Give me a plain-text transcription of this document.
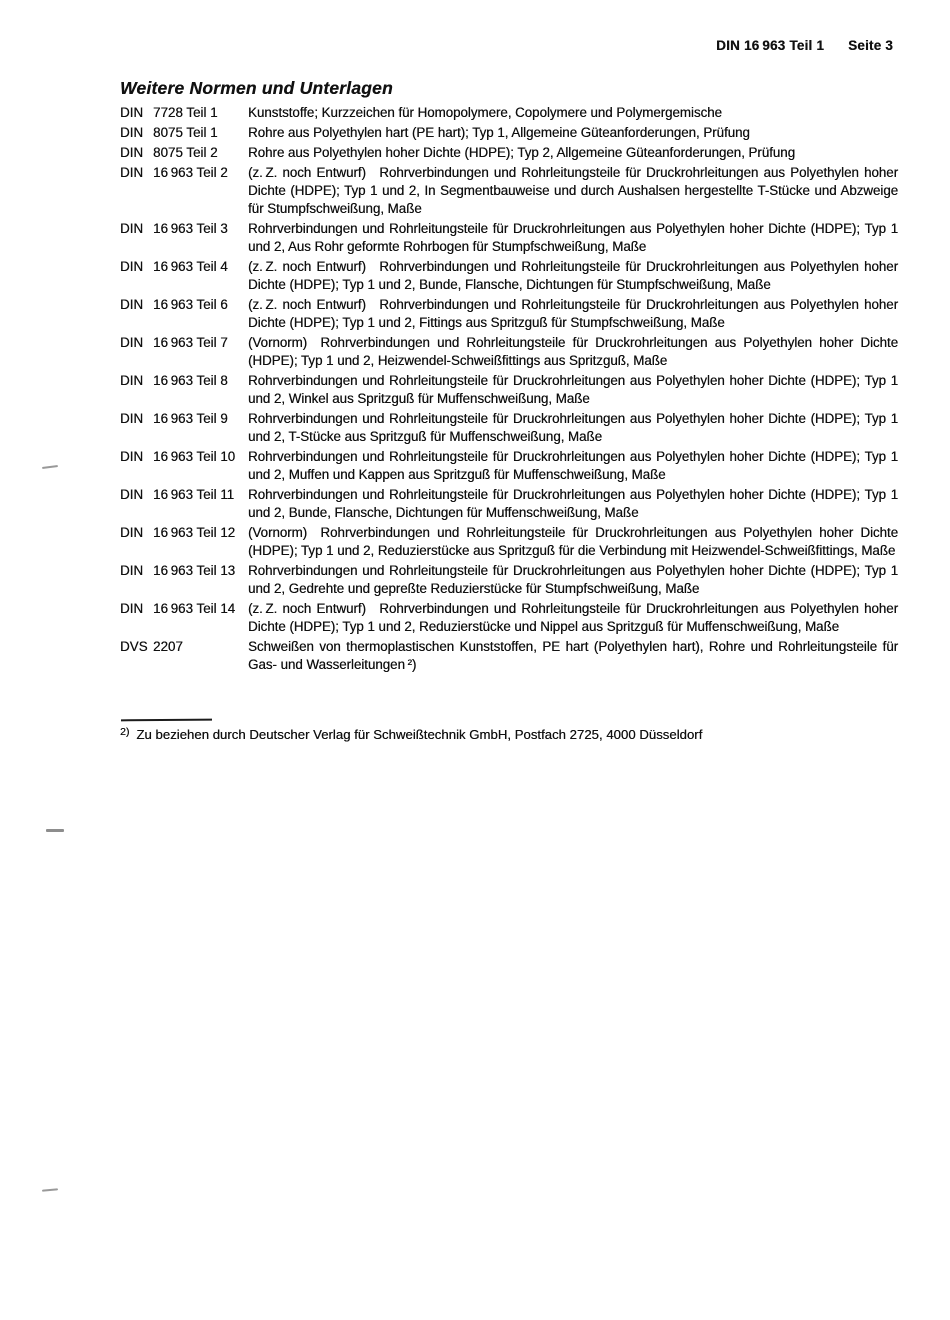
DIN 16 963 Teil 1 Seite 3
Weitere Normen und Unterlagen
DIN 7728 Teil 1 Kunststoffe; Kurzzeichen für Homopolymere, Copolymere und Polymergemische
DIN 8075 Teil 1 Rohre aus Polyethylen hart (PE hart); Typ 1, Allgemeine Güteanforderungen, Prüfung
DIN 8075 Teil 2 Rohre aus Polyethylen hoher Dichte (HDPE); Typ 2, Allgemeine Güteanforderungen, Prüfung
DIN 16 963 Teil 2 (z. Z. noch Entwurf) Rohrverbindungen und Rohrleitungsteile für Druckrohrleitungen aus Polyethylen hoher Dichte (HDPE); Typ 1 und 2, In Segmentbauweise und durch Aushalsen hergestellte T-Stücke und Abzweige für Stumpfschweißung, Maße
DIN 16 963 Teil 3 Rohrverbindungen und Rohrleitungsteile für Druckrohrleitungen aus Polyethylen hoher Dichte (HDPE); Typ 1 und 2, Aus Rohr geformte Rohrbogen für Stumpfschweißung, Maße
DIN 16 963 Teil 4 (z. Z. noch Entwurf) Rohrverbindungen und Rohrleitungsteile für Druckrohrleitungen aus Polyethylen hoher Dichte (HDPE); Typ 1 und 2, Bunde, Flansche, Dichtungen für Stumpfschweißung, Maße
DIN 16 963 Teil 6 (z. Z. noch Entwurf) Rohrverbindungen und Rohrleitungsteile für Druckrohrleitungen aus Polyethylen hoher Dichte (HDPE); Typ 1 und 2, Fittings aus Spritzguß für Stumpfschweißung, Maße
DIN 16 963 Teil 7 (Vornorm) Rohrverbindungen und Rohrleitungsteile für Druckrohrleitungen aus Polyethylen hoher Dichte (HDPE); Typ 1 und 2, Heizwendel-Schweißfittings aus Spritzguß, Maße
DIN 16 963 Teil 8 Rohrverbindungen und Rohrleitungsteile für Druckrohrleitungen aus Polyethylen hoher Dichte (HDPE); Typ 1 und 2, Winkel aus Spritzguß für Muffenschweißung, Maße
DIN 16 963 Teil 9 Rohrverbindungen und Rohrleitungsteile für Druckrohrleitungen aus Polyethylen hoher Dichte (HDPE); Typ 1 und 2, T-Stücke aus Spritzguß für Muffenschweißung, Maße
DIN 16 963 Teil 10 Rohrverbindungen und Rohrleitungsteile für Druckrohrleitungen aus Polyethylen hoher Dichte (HDPE); Typ 1 und 2, Muffen und Kappen aus Spritzguß für Muffenschweißung, Maße
DIN 16 963 Teil 11 Rohrverbindungen und Rohrleitungsteile für Druckrohrleitungen aus Polyethylen hoher Dichte (HDPE); Typ 1 und 2, Bunde, Flansche, Dichtungen für Muffenschweißung, Maße
DIN 16 963 Teil 12 (Vornorm) Rohrverbindungen und Rohrleitungsteile für Druckrohrleitungen aus Polyethylen hoher Dichte (HDPE); Typ 1 und 2, Reduzierstücke aus Spritzguß für die Verbindung mit Heizwendel-Schweißfittings, Maße
DIN 16 963 Teil 13 Rohrverbindungen und Rohrleitungsteile für Druckrohrleitungen aus Polyethylen hoher Dichte (HDPE); Typ 1 und 2, Gedrehte und gepreßte Reduzierstücke für Stumpfschweißung, Maße
DIN 16 963 Teil 14 (z. Z. noch Entwurf) Rohrverbindungen und Rohrleitungsteile für Druckrohrleitungen aus Polyethylen hoher Dichte (HDPE); Typ 1 und 2, Reduzierstücke und Nippel aus Spritzguß für Muffenschweißung, Maße
DVS 2207	Schweißen von thermoplastischen Kunststoffen, PE hart (Polyethylen hart), Rohre und Rohrleitungsteile für Gas- und Wasserleitungen ²)
2) Zu beziehen durch Deutscher Verlag für Schweißtechnik GmbH, Postfach 2725, 4000 Düsseldorf
